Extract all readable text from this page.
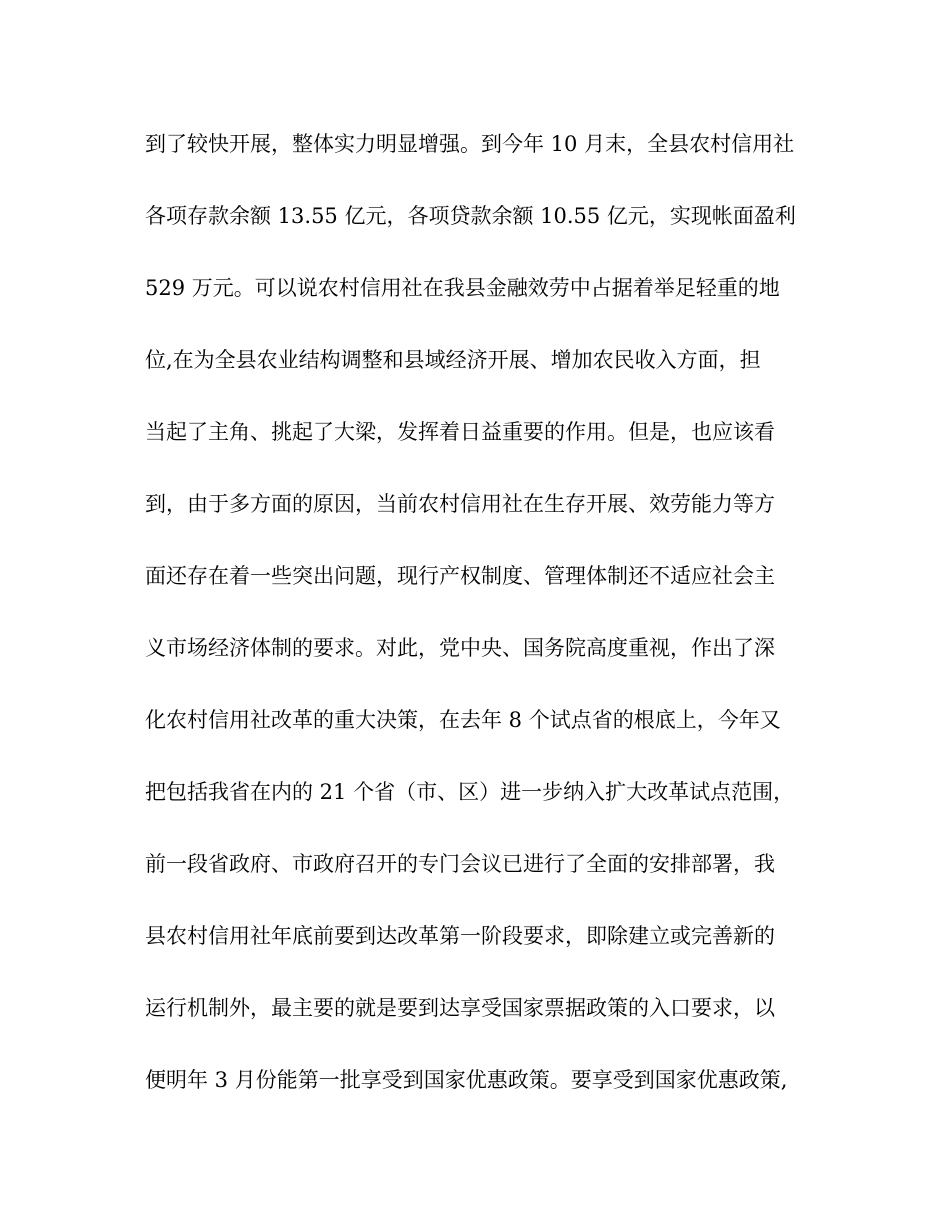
到了较快开展，整体实力明显增强。到今年 10 月末，全县农村信用社
各项存款余额 13.55 亿元，各项贷款余额 10.55 亿元，实现帐面盈利
529 万元。可以说农村信用社在我县金融效劳中占据着举足轻重的地
位,在为全县农业结构调整和县域经济开展、增加农民收入方面，担
当起了主角、挑起了大梁，发挥着日益重要的作用。但是，也应该看
到，由于多方面的原因，当前农村信用社在生存开展、效劳能力等方
面还存在着一些突出问题，现行产权制度、管理体制还不适应社会主
义市场经济体制的要求。对此，党中央、国务院高度重视，作出了深
化农村信用社改革的重大决策，在去年 8 个试点省的根底上，今年又
把包括我省在内的 21 个省（市、区）进一步纳入扩大改革试点范围，
前一段省政府、市政府召开的专门会议已进行了全面的安排部署，我
县农村信用社年底前要到达改革第一阶段要求，即除建立或完善新的
运行机制外，最主要的就是要到达享受国家票据政策的入口要求，以
便明年 3 月份能第一批享受到国家优惠政策。要享受到国家优惠政策,
